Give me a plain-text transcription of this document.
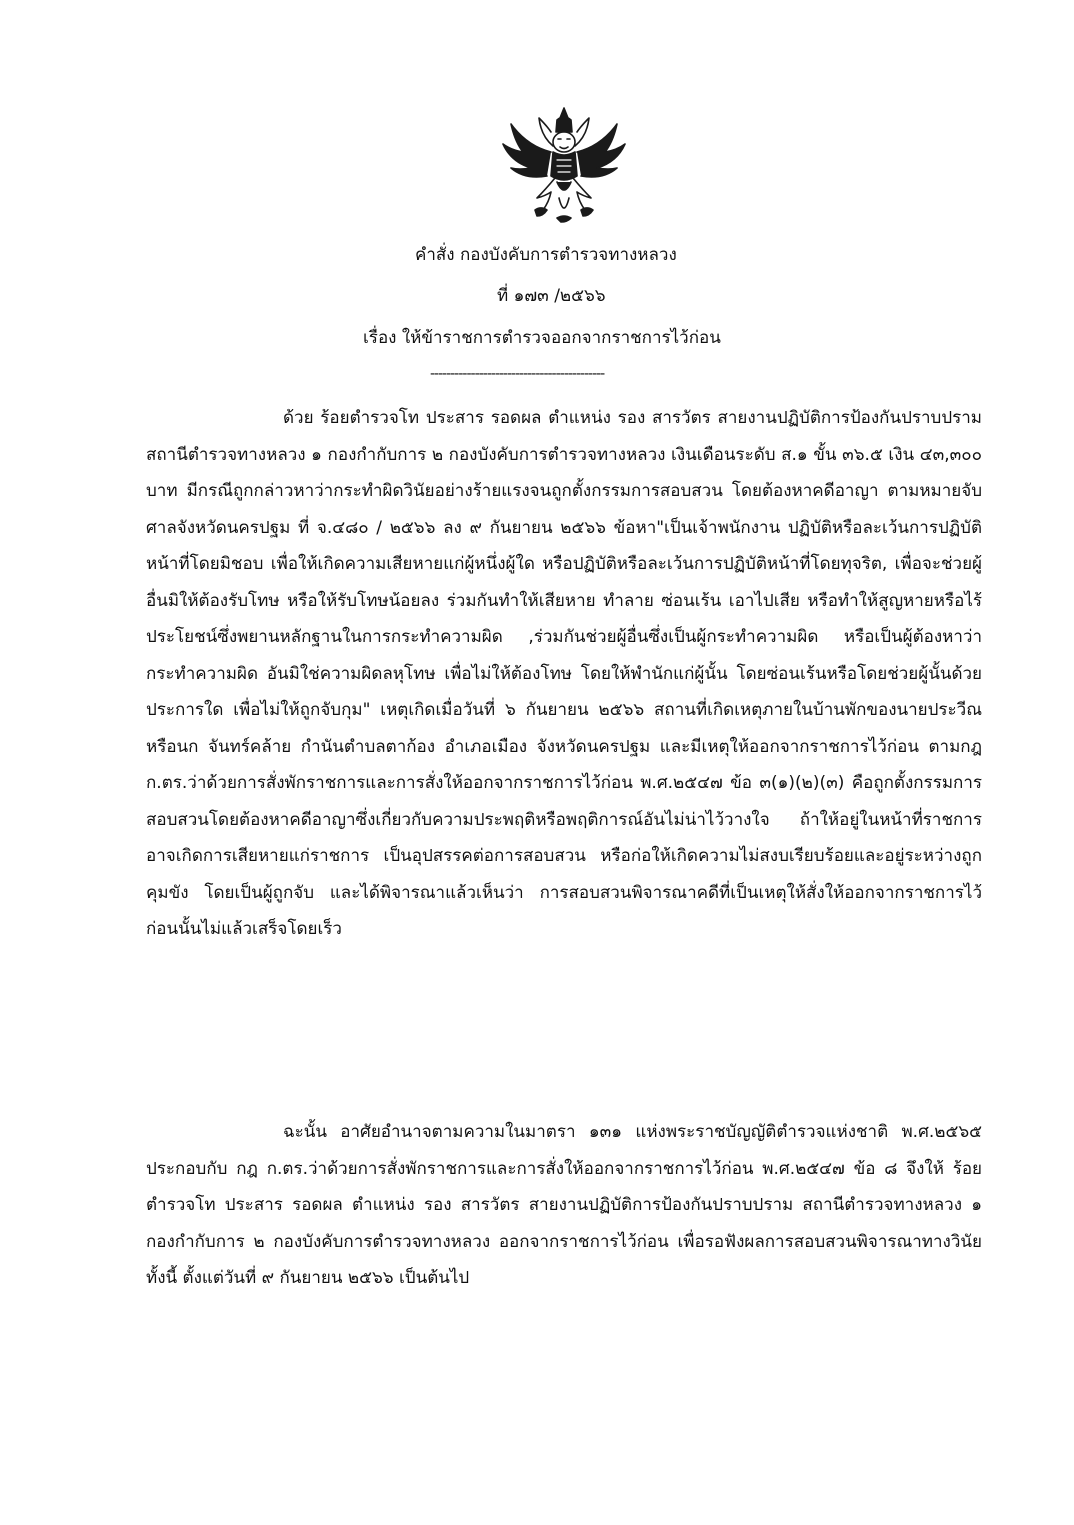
คำสั่ง กองบังคับการตำรวจทางหลวง
ที่ ๑๗๓ /๒๕๖๖
เรื่อง ให้ข้าราชการตำรวจออกจากราชการไว้ก่อน
-------------------------------------------

ด้วย ร้อยตำรวจโท ประสาร รอดผล ตำแหน่ง รอง สารวัตร สายงานปฏิบัติการป้องกันปราบปราม สถานีตำรวจทางหลวง ๑ กองกำกับการ ๒ กองบังคับการตำรวจทางหลวง เงินเดือนระดับ ส.๑ ขั้น ๓๖.๕ เงิน ๔๓,๓๐๐ บาท มีกรณีถูกกล่าวหาว่ากระทำผิดวินัยอย่างร้ายแรงจนถูกตั้งกรรมการสอบสวน โดยต้องหาคดีอาญา ตามหมายจับศาลจังหวัดนครปฐม ที่ จ.๔๘๐ / ๒๕๖๖ ลง ๙ กันยายน ๒๕๖๖ ข้อหา"เป็นเจ้าพนักงาน ปฏิบัติหรือละเว้นการปฏิบัติหน้าที่โดยมิชอบ เพื่อให้เกิดความเสียหายแก่ผู้หนึ่งผู้ใด หรือปฏิบัติหรือละเว้นการปฏิบัติหน้าที่โดยทุจริต, เพื่อจะช่วยผู้อื่นมิให้ต้องรับโทษ หรือให้รับโทษน้อยลง ร่วมกันทำให้เสียหาย ทำลาย ซ่อนเร้น เอาไปเสีย หรือทำให้สูญหายหรือไร้ประโยชน์ซึ่งพยานหลักฐานในการกระทำความผิด ,ร่วมกันช่วยผู้อื่นซึ่งเป็นผู้กระทำความผิด หรือเป็นผู้ต้องหาว่ากระทำความผิด อันมิใช่ความผิดลหุโทษ เพื่อไม่ให้ต้องโทษ โดยให้พำนักแก่ผู้นั้น โดยซ่อนเร้นหรือโดยช่วยผู้นั้นด้วยประการใด เพื่อไม่ให้ถูกจับกุม" เหตุเกิดเมื่อวันที่ ๖ กันยายน ๒๕๖๖ สถานที่เกิดเหตุภายในบ้านพักของนายประวีณหรือนก จันทร์คล้าย กำนันตำบลตาก้อง อำเภอเมือง จังหวัดนครปฐม และมีเหตุให้ออกจากราชการไว้ก่อน ตามกฎ ก.ตร.ว่าด้วยการสั่งพักราชการและการสั่งให้ออกจากราชการไว้ก่อน พ.ศ.๒๕๔๗ ข้อ ๓(๑)(๒)(๓) คือถูกตั้งกรรมการสอบสวนโดยต้องหาคดีอาญาซึ่งเกี่ยวกับความประพฤติหรือพฤติการณ์อันไม่น่าไว้วางใจ ถ้าให้อยู่ในหน้าที่ราชการอาจเกิดการเสียหายแก่ราชการ เป็นอุปสรรคต่อการสอบสวน หรือก่อให้เกิดความไม่สงบเรียบร้อยและอยู่ระหว่างถูกคุมขัง โดยเป็นผู้ถูกจับ และได้พิจารณาแล้วเห็นว่า การสอบสวนพิจารณาคดีที่เป็นเหตุให้สั่งให้ออกจากราชการไว้ก่อนนั้นไม่แล้วเสร็จโดยเร็ว

ฉะนั้น อาศัยอำนาจตามความในมาตรา ๑๓๑ แห่งพระราชบัญญัติตำรวจแห่งชาติ พ.ศ.๒๕๖๕ ประกอบกับ กฎ ก.ตร.ว่าด้วยการสั่งพักราชการและการสั่งให้ออกจากราชการไว้ก่อน พ.ศ.๒๕๔๗ ข้อ ๘ จึงให้ ร้อยตำรวจโท ประสาร รอดผล ตำแหน่ง รอง สารวัตร สายงานปฏิบัติการป้องกันปราบปราม สถานีตำรวจทางหลวง ๑ กองกำกับการ ๒ กองบังคับการตำรวจทางหลวง ออกจากราชการไว้ก่อน เพื่อรอฟังผลการสอบสวนพิจารณาทางวินัย ทั้งนี้ ตั้งแต่วันที่ ๙ กันยายน ๒๕๖๖ เป็นต้นไป
